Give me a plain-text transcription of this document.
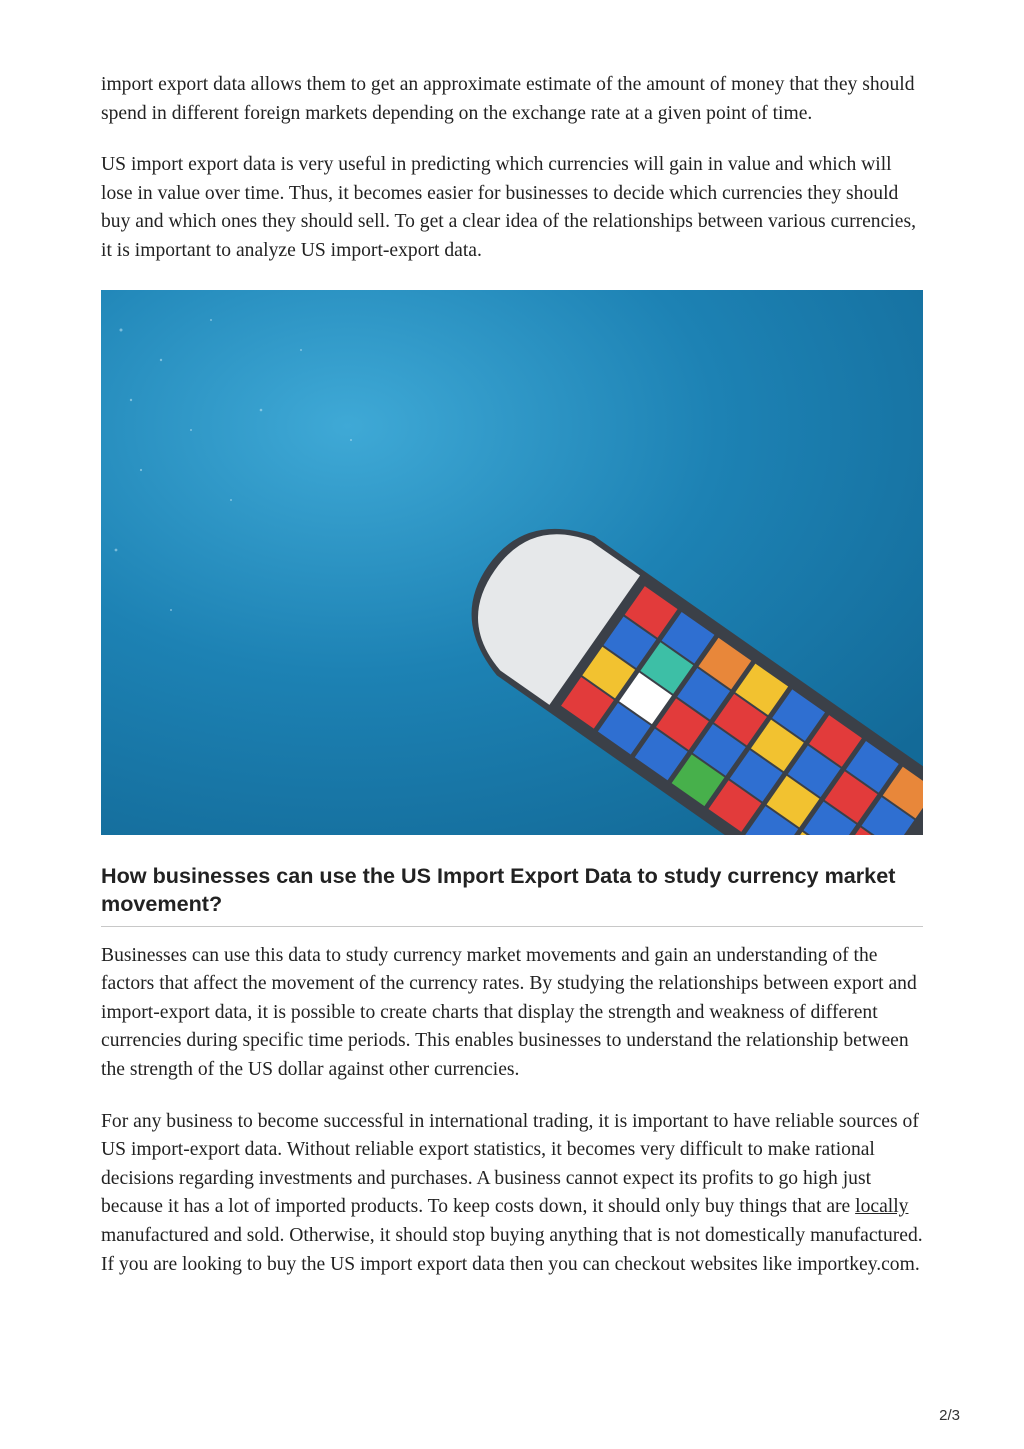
import export data allows them to get an approximate estimate of the amount of money that they should spend in different foreign markets depending on the exchange rate at a given point of time.

US import export data is very useful in predicting which currencies will gain in value and which will lose in value over time. Thus, it becomes easier for businesses to decide which currencies they should buy and which ones they should sell. To get a clear idea of the relationships between various currencies, it is important to analyze US import-export data.

How businesses can use the US Import Export Data to study currency market movement?

Businesses can use this data to study currency market movements and gain an understanding of the factors that affect the movement of the currency rates. By studying the relationships between export and import-export data, it is possible to create charts that display the strength and weakness of different currencies during specific time periods. This enables businesses to understand the relationship between the strength of the US dollar against other currencies.

For any business to become successful in international trading, it is important to have reliable sources of US import-export data. Without reliable export statistics, it becomes very difficult to make rational decisions regarding investments and purchases. A business cannot expect its profits to go high just because it has a lot of imported products. To keep costs down, it should only buy things that are locally manufactured and sold. Otherwise, it should stop buying anything that is not domestically manufactured. If you are looking to buy the US import export data then you can checkout websites like importkey.com.

2/3
